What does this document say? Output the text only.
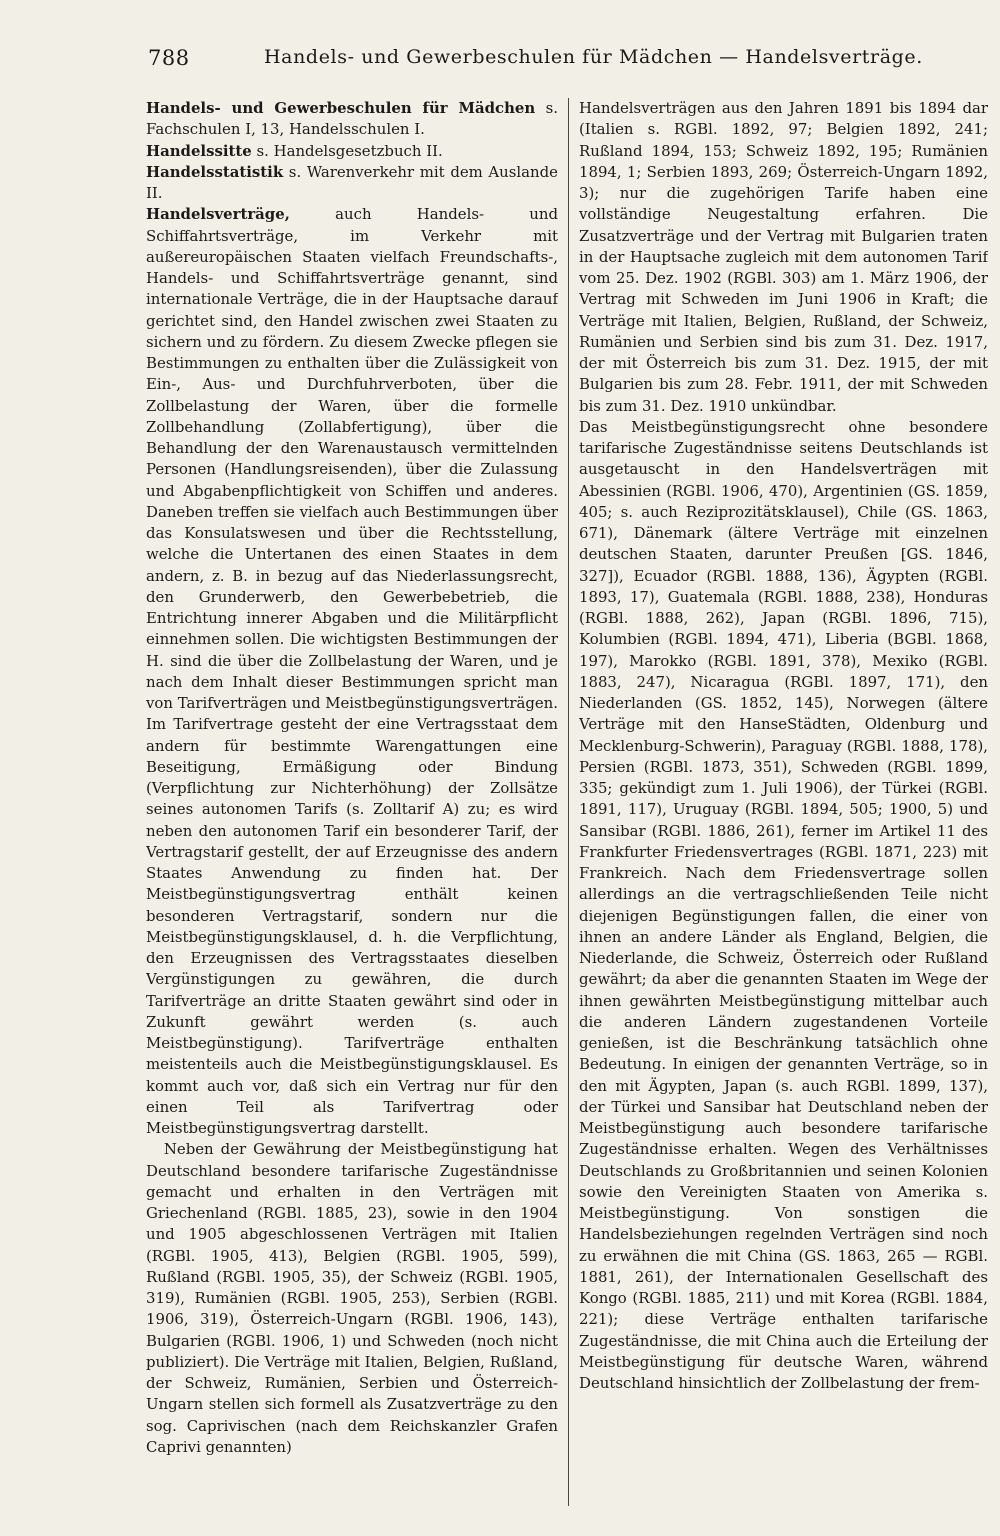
788	Handels- und Gewerbeschulen für Mädchen — Handelsverträge.

Handels- und Gewerbeschulen für Mädchen s. Fachschulen I, 13, Handelsschulen I.

Handelssitte s. Handelsgesetzbuch II.

Handelsstatistik s. Warenverkehr mit dem Auslande II.

Handelsverträge, auch Handels- und Schiffahrtsverträge, im Verkehr mit außereuropäischen Staaten vielfach Freundschafts-, Handels- und Schiffahrtsverträge genannt, sind internationale Verträge, die in der Hauptsache darauf gerichtet sind, den Handel zwischen zwei Staaten zu sichern und zu fördern. Zu diesem Zwecke pflegen sie Bestimmungen zu enthalten über die Zulässigkeit von Ein-, Aus- und Durchfuhrverboten, über die Zollbelastung der Waren, über die formelle Zollbehandlung (Zollabfertigung), über die Behandlung der den Warenaustausch vermittelnden Personen (Handlungsreisenden), über die Zulassung und Abgabenpflichtigkeit von Schiffen und anderes. Daneben treffen sie vielfach auch Bestimmungen über das Konsulatswesen und über die Rechtsstellung, welche die Untertanen des einen Staates in dem andern, z. B. in bezug auf das Niederlassungsrecht, den Grunderwerb, den Gewerbebetrieb, die Entrichtung innerer Abgaben und die Militärpflicht einnehmen sollen. Die wichtigsten Bestimmungen der H. sind die über die Zollbelastung der Waren, und je nach dem Inhalt dieser Bestimmungen spricht man von Tarifverträgen und Meistbegünstigungsverträgen. Im Tarifvertrage gesteht der eine Vertragsstaat dem andern für bestimmte Warengattungen eine Beseitigung, Ermäßigung oder Bindung (Verpflichtung zur Nichterhöhung) der Zollsätze seines autonomen Tarifs (s. Zolltarif A) zu; es wird neben den autonomen Tarif ein besonderer Tarif, der Vertragstarif gestellt, der auf Erzeugnisse des andern Staates Anwendung zu finden hat. Der Meistbegünstigungsvertrag enthält keinen besonderen Vertragstarif, sondern nur die Meistbegünstigungsklausel, d. h. die Verpflichtung, den Erzeugnissen des Vertragsstaates dieselben Vergünstigungen zu gewähren, die durch Tarifverträge an dritte Staaten gewährt sind oder in Zukunft gewährt werden (s. auch Meistbegünstigung). Tarifverträge enthalten meistenteils auch die Meistbegünstigungsklausel. Es kommt auch vor, daß sich ein Vertrag nur für den einen Teil als Tarifvertrag oder Meistbegünstigungsvertrag darstellt.

Neben der Gewährung der Meistbegünstigung hat Deutschland besondere tarifarische Zugeständnisse gemacht und erhalten in den Verträgen mit Griechenland (RGBl. 1885, 23), sowie in den 1904 und 1905 abgeschlossenen Verträgen mit Italien (RGBl. 1905, 413), Belgien (RGBl. 1905, 599), Rußland (RGBl. 1905, 35), der Schweiz (RGBl. 1905, 319), Rumänien (RGBl. 1905, 253), Serbien (RGBl. 1906, 319), Österreich-Ungarn (RGBl. 1906, 143), Bulgarien (RGBl. 1906, 1) und Schweden (noch nicht publiziert). Die Verträge mit Italien, Belgien, Rußland, der Schweiz, Rumänien, Serbien und Österreich-Ungarn stellen sich formell als Zusatzverträge zu den sog. Caprivischen (nach dem Reichskanzler Grafen Caprivi genannten)

Handelsverträgen aus den Jahren 1891 bis 1894 dar (Italien s. RGBl. 1892, 97; Belgien 1892, 241; Rußland 1894, 153; Schweiz 1892, 195; Rumänien 1894, 1; Serbien 1893, 269; Österreich-Ungarn 1892, 3); nur die zugehörigen Tarife haben eine vollständige Neugestaltung erfahren. Die Zusatzverträge und der Vertrag mit Bulgarien traten in der Hauptsache zugleich mit dem autonomen Tarif vom 25. Dez. 1902 (RGBl. 303) am 1. März 1906, der Vertrag mit Schweden im Juni 1906 in Kraft; die Verträge mit Italien, Belgien, Rußland, der Schweiz, Rumänien und Serbien sind bis zum 31. Dez. 1917, der mit Österreich bis zum 31. Dez. 1915, der mit Bulgarien bis zum 28. Febr. 1911, der mit Schweden bis zum 31. Dez. 1910 unkündbar.

Das Meistbegünstigungsrecht ohne besondere tarifarische Zugeständnisse seitens Deutschlands ist ausgetauscht in den Handelsverträgen mit Abessinien (RGBl. 1906, 470), Argentinien (GS. 1859, 405; s. auch Reziprozitätsklausel), Chile (GS. 1863, 671), Dänemark (ältere Verträge mit einzelnen deutschen Staaten, darunter Preußen [GS. 1846, 327]), Ecuador (RGBl. 1888, 136), Ägypten (RGBl. 1893, 17), Guatemala (RGBl. 1888, 238), Honduras (RGBl. 1888, 262), Japan (RGBl. 1896, 715), Kolumbien (RGBl. 1894, 471), Liberia (BGBl. 1868, 197), Marokko (RGBl. 1891, 378), Mexiko (RGBl. 1883, 247), Nicaragua (RGBl. 1897, 171), den Niederlanden (GS. 1852, 145), Norwegen (ältere Verträge mit den HanseStädten, Oldenburg und Mecklenburg-Schwerin), Paraguay (RGBl. 1888, 178), Persien (RGBl. 1873, 351), Schweden (RGBl. 1899, 335; gekündigt zum 1. Juli 1906), der Türkei (RGBl. 1891, 117), Uruguay (RGBl. 1894, 505; 1900, 5) und Sansibar (RGBl. 1886, 261), ferner im Artikel 11 des Frankfurter Friedensvertrages (RGBl. 1871, 223) mit Frankreich. Nach dem Friedensvertrage sollen allerdings an die vertragschließenden Teile nicht diejenigen Begünstigungen fallen, die einer von ihnen an andere Länder als England, Belgien, die Niederlande, die Schweiz, Österreich oder Rußland gewährt; da aber die genannten Staaten im Wege der ihnen gewährten Meistbegünstigung mittelbar auch die anderen Ländern zugestandenen Vorteile genießen, ist die Beschränkung tatsächlich ohne Bedeutung. In einigen der genannten Verträge, so in den mit Ägypten, Japan (s. auch RGBl. 1899, 137), der Türkei und Sansibar hat Deutschland neben der Meistbegünstigung auch besondere tarifarische Zugeständnisse erhalten. Wegen des Verhältnisses Deutschlands zu Großbritannien und seinen Kolonien sowie den Vereinigten Staaten von Amerika s. Meistbegünstigung. Von sonstigen die Handelsbeziehungen regelnden Verträgen sind noch zu erwähnen die mit China (GS. 1863, 265 — RGBl. 1881, 261), der Internationalen Gesellschaft des Kongo (RGBl. 1885, 211) und mit Korea (RGBl. 1884, 221); diese Verträge enthalten tarifarische Zugeständnisse, die mit China auch die Erteilung der Meistbegünstigung für deutsche Waren, während Deutschland hinsichtlich der Zollbelastung der frem-
